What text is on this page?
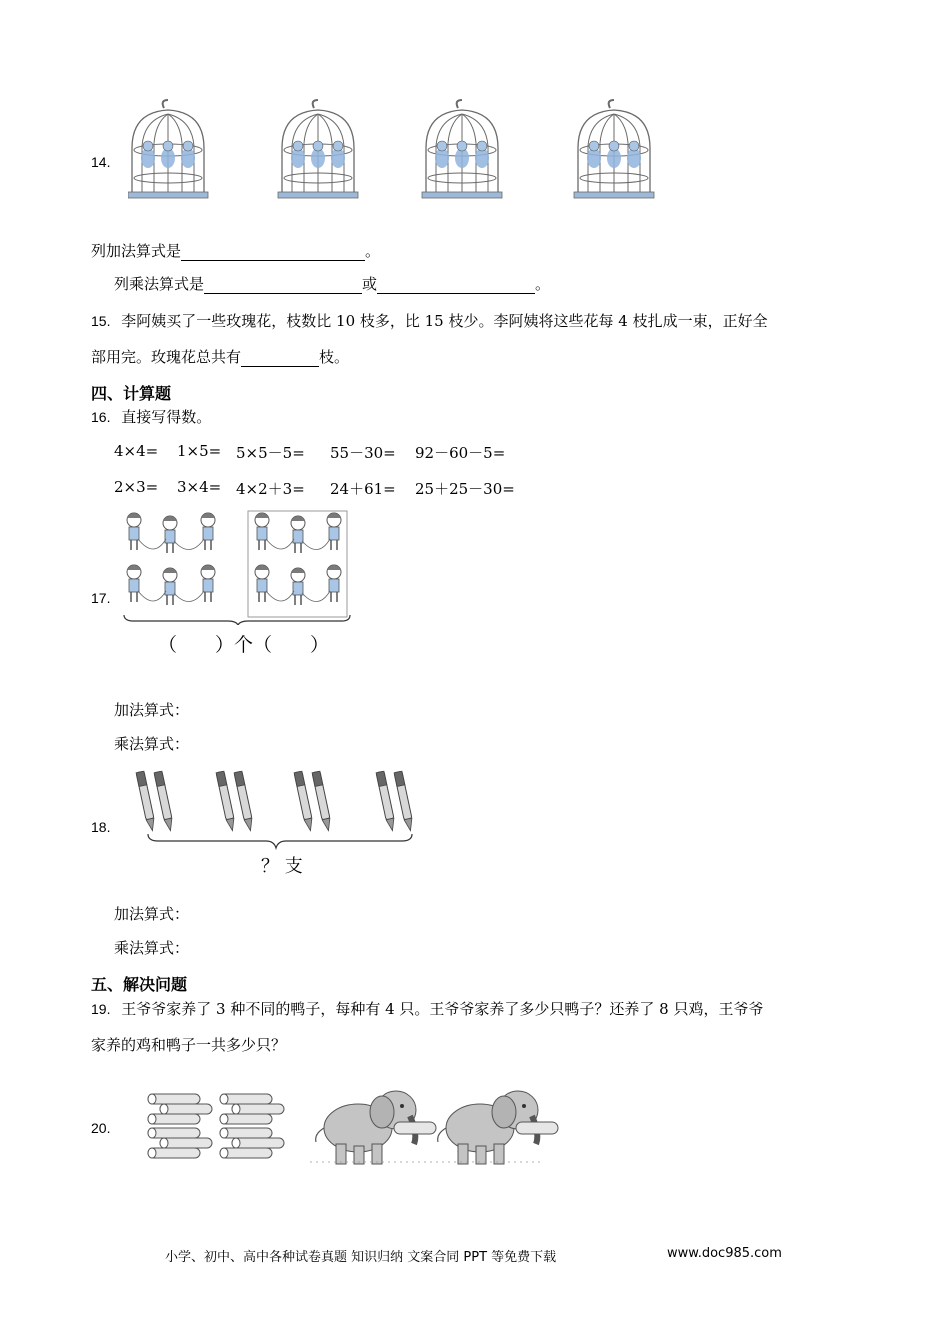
14.
列加法算式是	。
列乘法算式是	或	。
15. 李阿姨买了一些玫瑰花，枝数比 10 枝多，比 15 枝少。李阿姨将这些花每 4 枝扎成一束，正好全
部用完。玫瑰花总共有	枝。
四、计算题
16. 直接写得数。
4×4= 1×5= 5×5－5= 55－30= 92－60－5=
2×3= 3×4= 4×2＋3= 24＋61= 25＋25－30=
17.
（　　）个（　　）
加法算式：
乘法算式：
18.
？ 支
加法算式：
乘法算式：
五、解决问题
19. 王爷爷家养了 3 种不同的鸭子，每种有 4 只。王爷爷家养了多少只鸭子？还养了 8 只鸡，王爷爷
家养的鸡和鸭子一共多少只？
20.
小学、初中、高中各种试卷真题 知识归纳 文案合同 PPT 等免费下载	www.doc985.com
